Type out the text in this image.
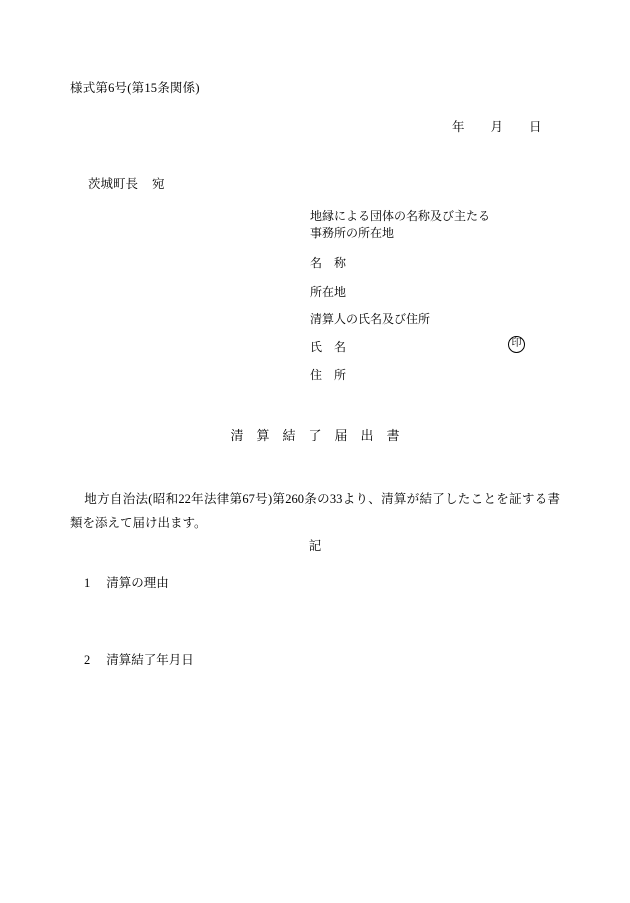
様式第6号(第15条関係)
年 月 日
茨城町長 宛
地縁による団体の名称及び主たる
事務所の所在地
名　称
所在地
清算人の氏名及び住所
氏　名	印
住　所
清　算　結　了　届　出　書
地方自治法(昭和22年法律第67号)第260条の33より、清算が結了したことを証する書類を添えて届け出ます。
記
1 清算の理由
2 清算結了年月日
